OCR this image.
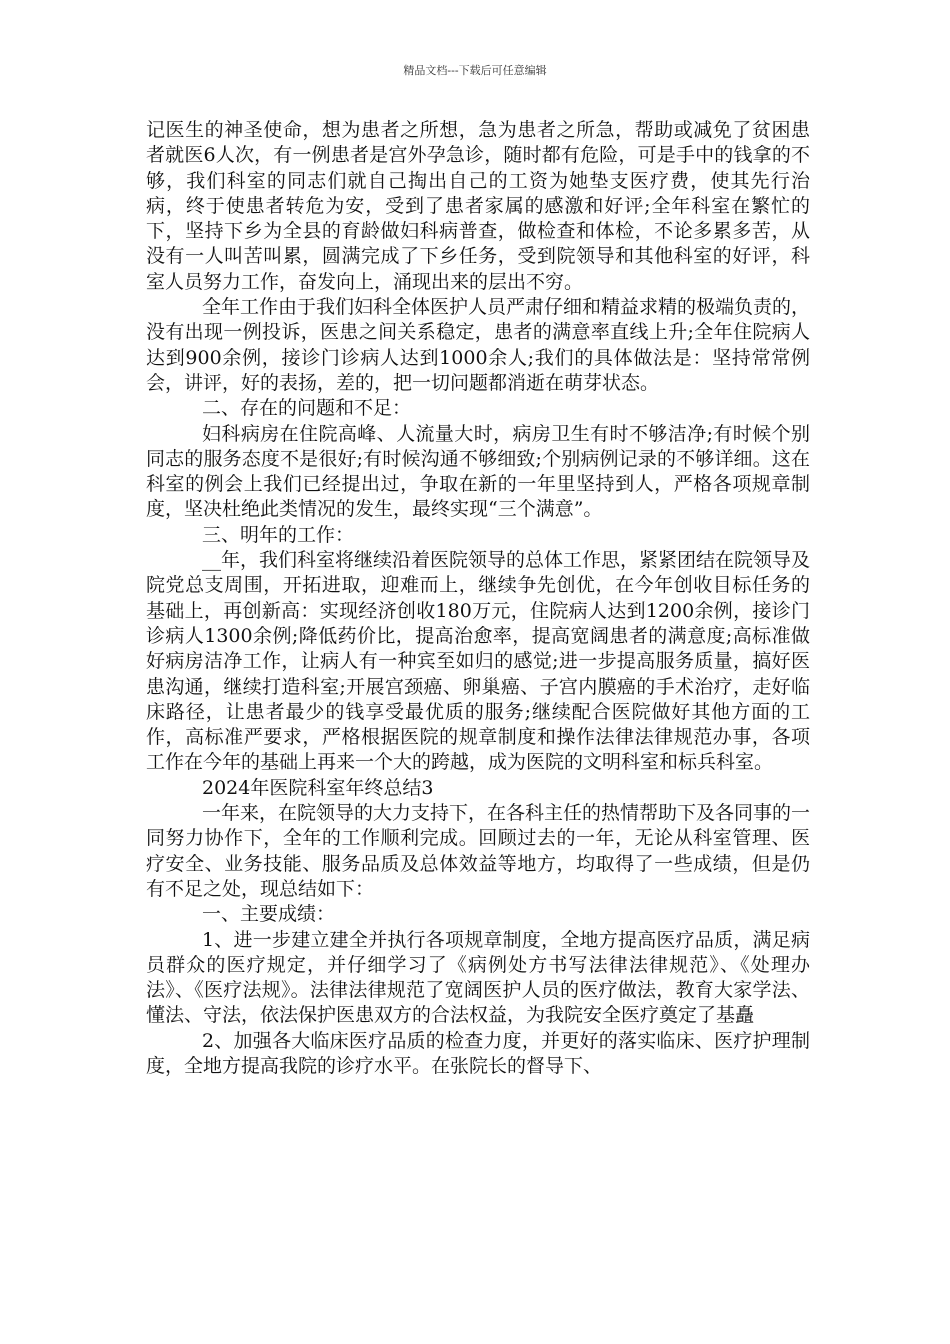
精品文档---下载后可任意编辑

记医生的神圣使命，想为患者之所想，急为患者之所急，帮助或减免了贫困患者就医6人次，有一例患者是宫外孕急诊，随时都有危险，可是手中的钱拿的不够，我们科室的同志们就自己掏出自己的工资为她垫支医疗费，使其先行治病，终于使患者转危为安，受到了患者家属的感激和好评;全年科室在繁忙的下，坚持下乡为全县的育龄做妇科病普查，做检查和体检，不论多累多苦，从没有一人叫苦叫累，圆满完成了下乡任务，受到院领导和其他科室的好评，科室人员努力工作，奋发向上，涌现出来的层出不穷。

全年工作由于我们妇科全体医护人员严肃仔细和精益求精的极端负责的，没有出现一例投诉，医患之间关系稳定，患者的满意率直线上升;全年住院病人达到900余例，接诊门诊病人达到1000余人;我们的具体做法是：坚持常常例会，讲评，好的表扬，差的，把一切问题都消逝在萌芽状态。

二、存在的问题和不足：

妇科病房在住院高峰、人流量大时，病房卫生有时不够洁净;有时候个别同志的服务态度不是很好;有时候沟通不够细致;个别病例记录的不够详细。这在科室的例会上我们已经提出过，争取在新的一年里坚持到人，严格各项规章制度，坚决杜绝此类情况的发生，最终实现“三个满意”。

三、明年的工作：

__年，我们科室将继续沿着医院领导的总体工作思，紧紧团结在院领导及院党总支周围，开拓进取，迎难而上，继续争先创优，在今年创收目标任务的基础上，再创新高：实现经济创收180万元，住院病人达到1200余例，接诊门诊病人1300余例;降低药价比，提高治愈率，提高宽阔患者的满意度;高标准做好病房洁净工作，让病人有一种宾至如归的感觉;进一步提高服务质量，搞好医患沟通，继续打造科室;开展宫颈癌、卵巢癌、子宫内膜癌的手术治疗，走好临床路径，让患者最少的钱享受最优质的服务;继续配合医院做好其他方面的工作，高标准严要求，严格根据医院的规章制度和操作法律法律规范办事，各项工作在今年的基础上再来一个大的跨越，成为医院的文明科室和标兵科室。

2024年医院科室年终总结3

一年来，在院领导的大力支持下，在各科主任的热情帮助下及各同事的一同努力协作下，全年的工作顺利完成。回顾过去的一年，无论从科室管理、医疗安全、业务技能、服务品质及总体效益等地方，均取得了一些成绩，但是仍有不足之处，现总结如下：

一、主要成绩：

1、进一步建立建全并执行各项规章制度，全地方提高医疗品质，满足病员群众的医疗规定，并仔细学习了《病例处方书写法律法律规范》、《处理办法》、《医疗法规》。法律法律规范了宽阔医护人员的医疗做法，教育大家学法、懂法、守法，依法保护医患双方的合法权益，为我院安全医疗奠定了基矗

2、加强各大临床医疗品质的检查力度，并更好的落实临床、医疗护理制度，全地方提高我院的诊疗水平。在张院长的督导下、
